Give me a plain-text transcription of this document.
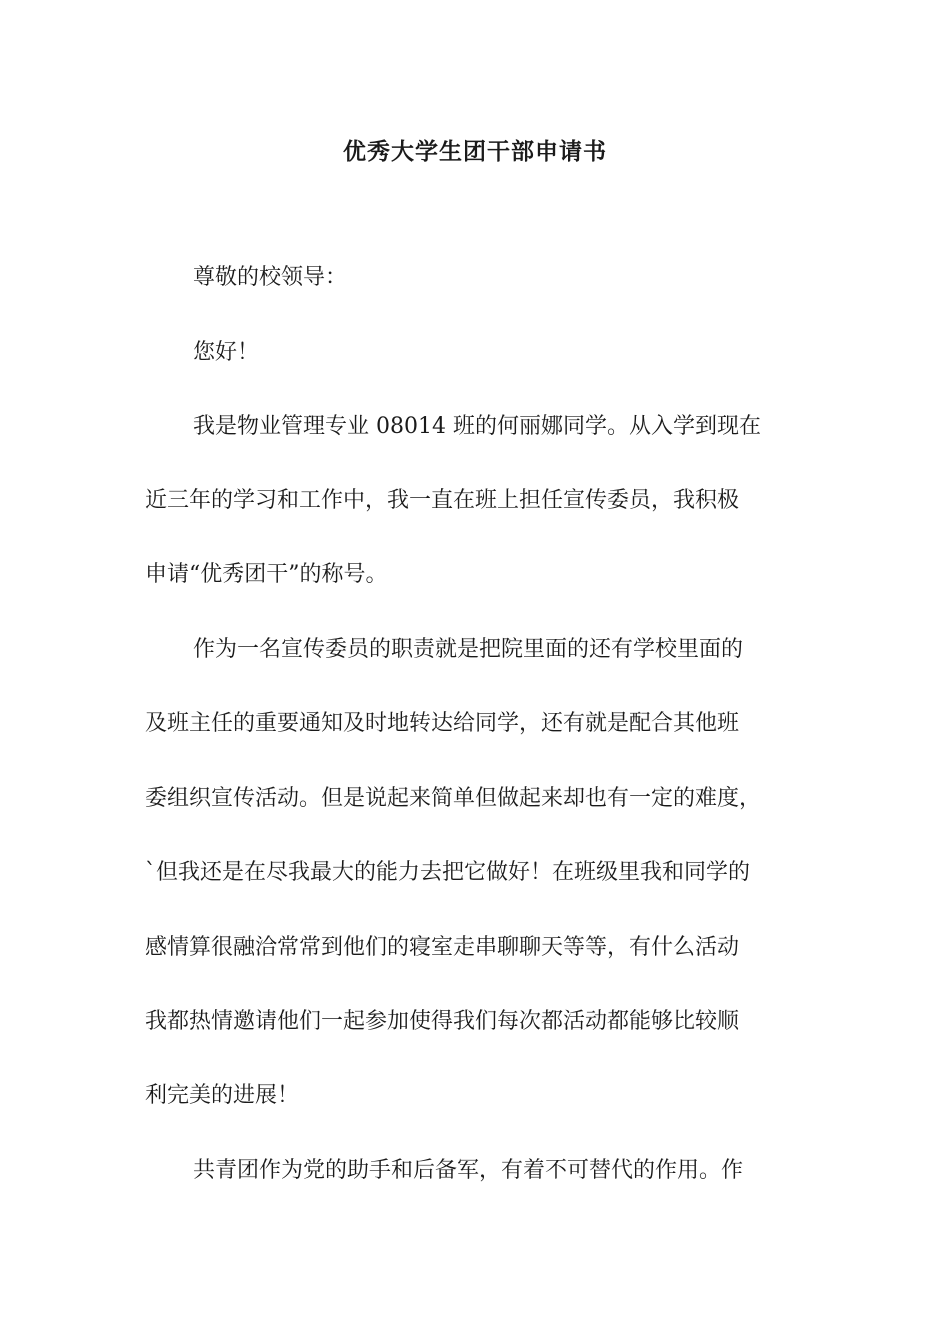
优秀大学生团干部申请书
尊敬的校领导：
您好！
我是物业管理专业 08014 班的何丽娜同学。从入学到现在
近三年的学习和工作中，我一直在班上担任宣传委员，我积极
申请“优秀团干”的称号。
作为一名宣传委员的职责就是把院里面的还有学校里面的
及班主任的重要通知及时地转达给同学，还有就是配合其他班
委组织宣传活动。但是说起来简单但做起来却也有一定的难度，
`但我还是在尽我最大的能力去把它做好！在班级里我和同学的
感情算很融洽常常到他们的寝室走串聊聊天等等，有什么活动
我都热情邀请他们一起参加使得我们每次都活动都能够比较顺
利完美的进展！
共青团作为党的助手和后备军，有着不可替代的作用。作
